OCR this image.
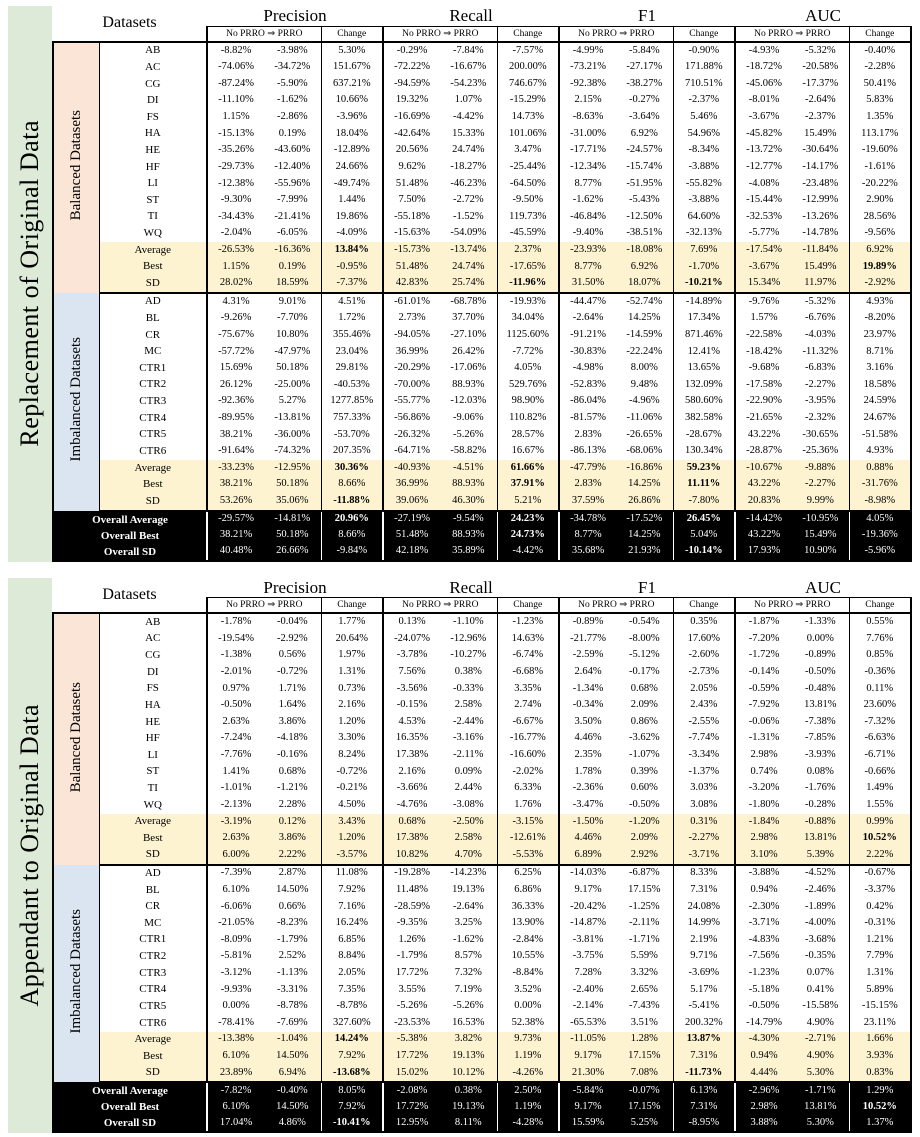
Replacement of Original Data
Datasets		Precision			Recall			F1			AUC		
		No PRRO ⇒ PRRO		Change	No PRRO ⇒ PRRO		Change	No PRRO ⇒ PRRO		Change	No PRRO ⇒ PRRO		Change
Balanced Datasets	AB	-8.82%	-3.98%	5.30%	-0.29%	-7.84%	-7.57%	-4.99%	-5.84%	-0.90%	-4.93%	-5.32%	-0.40%
	AC	-74.06%	-34.72%	151.67%	-72.22%	-16.67%	200.00%	-73.21%	-27.17%	171.88%	-18.72%	-20.58%	-2.28%
	CG	-87.24%	-5.90%	637.21%	-94.59%	-54.23%	746.67%	-92.38%	-38.27%	710.51%	-45.06%	-17.37%	50.41%
	DI	-11.10%	-1.62%	10.66%	19.32%	1.07%	-15.29%	2.15%	-0.27%	-2.37%	-8.01%	-2.64%	5.83%
	FS	1.15%	-2.86%	-3.96%	-16.69%	-4.42%	14.73%	-8.63%	-3.64%	5.46%	-3.67%	-2.37%	1.35%
	HA	-15.13%	0.19%	18.04%	-42.64%	15.33%	101.06%	-31.00%	6.92%	54.96%	-45.82%	15.49%	113.17%
	HE	-35.26%	-43.60%	-12.89%	20.56%	24.74%	3.47%	-17.71%	-24.57%	-8.34%	-13.72%	-30.64%	-19.60%
	HF	-29.73%	-12.40%	24.66%	9.62%	-18.27%	-25.44%	-12.34%	-15.74%	-3.88%	-12.77%	-14.17%	-1.61%
	LI	-12.38%	-55.96%	-49.74%	51.48%	-46.23%	-64.50%	8.77%	-51.95%	-55.82%	-4.08%	-23.48%	-20.22%
	ST	-9.30%	-7.99%	1.44%	7.50%	-2.72%	-9.50%	-1.62%	-5.43%	-3.88%	-15.44%	-12.99%	2.90%
	TI	-34.43%	-21.41%	19.86%	-55.18%	-1.52%	119.73%	-46.84%	-12.50%	64.60%	-32.53%	-13.26%	28.56%
	WQ	-2.04%	-6.05%	-4.09%	-15.63%	-54.09%	-45.59%	-9.40%	-38.51%	-32.13%	-5.77%	-14.78%	-9.56%
	Average	-26.53%	-16.36%	13.84%	-15.73%	-13.74%	2.37%	-23.93%	-18.08%	7.69%	-17.54%	-11.84%	6.92%
	Best	1.15%	0.19%	-0.95%	51.48%	24.74%	-17.65%	8.77%	6.92%	-1.70%	-3.67%	15.49%	19.89%
	SD	28.02%	18.59%	-7.37%	42.83%	25.74%	-11.96%	31.50%	18.07%	-10.21%	15.34%	11.97%	-2.92%
Imbalanced Datasets	AD	4.31%	9.01%	4.51%	-61.01%	-68.78%	-19.93%	-44.47%	-52.74%	-14.89%	-9.76%	-5.32%	4.93%
	BL	-9.26%	-7.70%	1.72%	2.73%	37.70%	34.04%	-2.64%	14.25%	17.34%	1.57%	-6.76%	-8.20%
	CR	-75.67%	10.80%	355.46%	-94.05%	-27.10%	1125.60%	-91.21%	-14.59%	871.46%	-22.58%	-4.03%	23.97%
	MC	-57.72%	-47.97%	23.04%	36.99%	26.42%	-7.72%	-30.83%	-22.24%	12.41%	-18.42%	-11.32%	8.71%
	CTR1	15.69%	50.18%	29.81%	-20.29%	-17.06%	4.05%	-4.98%	8.00%	13.65%	-9.68%	-6.83%	3.16%
	CTR2	26.12%	-25.00%	-40.53%	-70.00%	88.93%	529.76%	-52.83%	9.48%	132.09%	-17.58%	-2.27%	18.58%
	CTR3	-92.36%	5.27%	1277.85%	-55.77%	-12.03%	98.90%	-86.04%	-4.96%	580.60%	-22.90%	-3.95%	24.59%
	CTR4	-89.95%	-13.81%	757.33%	-56.86%	-9.06%	110.82%	-81.57%	-11.06%	382.58%	-21.65%	-2.32%	24.67%
	CTR5	38.21%	-36.00%	-53.70%	-26.32%	-5.26%	28.57%	2.83%	-26.65%	-28.67%	43.22%	-30.65%	-51.58%
	CTR6	-91.64%	-74.32%	207.35%	-64.71%	-58.82%	16.67%	-86.13%	-68.06%	130.34%	-28.87%	-25.36%	4.93%
	Average	-33.23%	-12.95%	30.36%	-40.93%	-4.51%	61.66%	-47.79%	-16.86%	59.23%	-10.67%	-9.88%	0.88%
	Best	38.21%	50.18%	8.66%	36.99%	88.93%	37.91%	2.83%	14.25%	11.11%	43.22%	-2.27%	-31.76%
	SD	53.26%	35.06%	-11.88%	39.06%	46.30%	5.21%	37.59%	26.86%	-7.80%	20.83%	9.99%	-8.98%
Overall Average		-29.57%	-14.81%	20.96%	-27.19%	-9.54%	24.23%	-34.78%	-17.52%	26.45%	-14.42%	-10.95%	4.05%
Overall Best		38.21%	50.18%	8.66%	51.48%	88.93%	24.73%	8.77%	14.25%	5.04%	43.22%	15.49%	-19.36%
Overall SD		40.48%	26.66%	-9.84%	42.18%	35.89%	-4.42%	35.68%	21.93%	-10.14%	17.93%	10.90%	-5.96%
Appendant to Original Data
Datasets		Precision			Recall			F1			AUC		
		No PRRO ⇒ PRRO		Change	No PRRO ⇒ PRRO		Change	No PRRO ⇒ PRRO		Change	No PRRO ⇒ PRRO		Change
Balanced Datasets	AB	-1.78%	-0.04%	1.77%	0.13%	-1.10%	-1.23%	-0.89%	-0.54%	0.35%	-1.87%	-1.33%	0.55%
	AC	-19.54%	-2.92%	20.64%	-24.07%	-12.96%	14.63%	-21.77%	-8.00%	17.60%	-7.20%	0.00%	7.76%
	CG	-1.38%	0.56%	1.97%	-3.78%	-10.27%	-6.74%	-2.59%	-5.12%	-2.60%	-1.72%	-0.89%	0.85%
	DI	-2.01%	-0.72%	1.31%	7.56%	0.38%	-6.68%	2.64%	-0.17%	-2.73%	-0.14%	-0.50%	-0.36%
	FS	0.97%	1.71%	0.73%	-3.56%	-0.33%	3.35%	-1.34%	0.68%	2.05%	-0.59%	-0.48%	0.11%
	HA	-0.50%	1.64%	2.16%	-0.15%	2.58%	2.74%	-0.34%	2.09%	2.43%	-7.92%	13.81%	23.60%
	HE	2.63%	3.86%	1.20%	4.53%	-2.44%	-6.67%	3.50%	0.86%	-2.55%	-0.06%	-7.38%	-7.32%
	HF	-7.24%	-4.18%	3.30%	16.35%	-3.16%	-16.77%	4.46%	-3.62%	-7.74%	-1.31%	-7.85%	-6.63%
	LI	-7.76%	-0.16%	8.24%	17.38%	-2.11%	-16.60%	2.35%	-1.07%	-3.34%	2.98%	-3.93%	-6.71%
	ST	1.41%	0.68%	-0.72%	2.16%	0.09%	-2.02%	1.78%	0.39%	-1.37%	0.74%	0.08%	-0.66%
	TI	-1.01%	-1.21%	-0.21%	-3.66%	2.44%	6.33%	-2.36%	0.60%	3.03%	-3.20%	-1.76%	1.49%
	WQ	-2.13%	2.28%	4.50%	-4.76%	-3.08%	1.76%	-3.47%	-0.50%	3.08%	-1.80%	-0.28%	1.55%
	Average	-3.19%	0.12%	3.43%	0.68%	-2.50%	-3.15%	-1.50%	-1.20%	0.31%	-1.84%	-0.88%	0.99%
	Best	2.63%	3.86%	1.20%	17.38%	2.58%	-12.61%	4.46%	2.09%	-2.27%	2.98%	13.81%	10.52%
	SD	6.00%	2.22%	-3.57%	10.82%	4.70%	-5.53%	6.89%	2.92%	-3.71%	3.10%	5.39%	2.22%
Imbalanced Datasets	AD	-7.39%	2.87%	11.08%	-19.28%	-14.23%	6.25%	-14.03%	-6.87%	8.33%	-3.88%	-4.52%	-0.67%
	BL	6.10%	14.50%	7.92%	11.48%	19.13%	6.86%	9.17%	17.15%	7.31%	0.94%	-2.46%	-3.37%
	CR	-6.06%	0.66%	7.16%	-28.59%	-2.64%	36.33%	-20.42%	-1.25%	24.08%	-2.30%	-1.89%	0.42%
	MC	-21.05%	-8.23%	16.24%	-9.35%	3.25%	13.90%	-14.87%	-2.11%	14.99%	-3.71%	-4.00%	-0.31%
	CTR1	-8.09%	-1.79%	6.85%	1.26%	-1.62%	-2.84%	-3.81%	-1.71%	2.19%	-4.83%	-3.68%	1.21%
	CTR2	-5.81%	2.52%	8.84%	-1.79%	8.57%	10.55%	-3.75%	5.59%	9.71%	-7.56%	-0.35%	7.79%
	CTR3	-3.12%	-1.13%	2.05%	17.72%	7.32%	-8.84%	7.28%	3.32%	-3.69%	-1.23%	0.07%	1.31%
	CTR4	-9.93%	-3.31%	7.35%	3.55%	7.19%	3.52%	-2.40%	2.65%	5.17%	-5.18%	0.41%	5.89%
	CTR5	0.00%	-8.78%	-8.78%	-5.26%	-5.26%	0.00%	-2.14%	-7.43%	-5.41%	-0.50%	-15.58%	-15.15%
	CTR6	-78.41%	-7.69%	327.60%	-23.53%	16.53%	52.38%	-65.53%	3.51%	200.32%	-14.79%	4.90%	23.11%
	Average	-13.38%	-1.04%	14.24%	-5.38%	3.82%	9.73%	-11.05%	1.28%	13.87%	-4.30%	-2.71%	1.66%
	Best	6.10%	14.50%	7.92%	17.72%	19.13%	1.19%	9.17%	17.15%	7.31%	0.94%	4.90%	3.93%
	SD	23.89%	6.94%	-13.68%	15.02%	10.12%	-4.26%	21.30%	7.08%	-11.73%	4.44%	5.30%	0.83%
Overall Average		-7.82%	-0.40%	8.05%	-2.08%	0.38%	2.50%	-5.84%	-0.07%	6.13%	-2.96%	-1.71%	1.29%
Overall Best		6.10%	14.50%	7.92%	17.72%	19.13%	1.19%	9.17%	17.15%	7.31%	2.98%	13.81%	10.52%
Overall SD		17.04%	4.86%	-10.41%	12.95%	8.11%	-4.28%	15.59%	5.25%	-8.95%	3.88%	5.30%	1.37%
